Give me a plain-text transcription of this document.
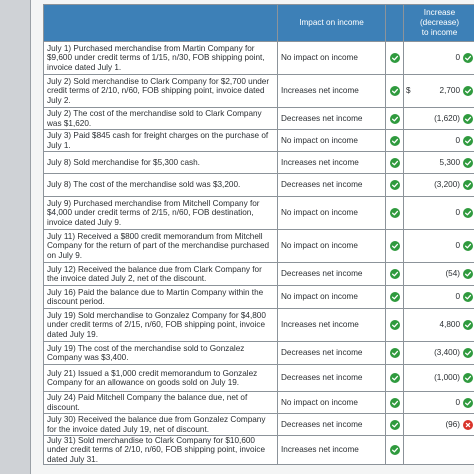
	Impact on income		Increase
(decrease)
to income	
July 1) Purchased merchandise from Martin Company for $9,600 under credit terms of 1/15, n/30, FOB shipping point, invoice dated July 1.	No impact on income			0

July 2) Sold merchandise to Clark Company for $2,700 under credit terms of 2/10, n/60, FOB shipping point, invoice dated July 2.	Increases net income		$	2,700

July 2) The cost of the merchandise sold to Clark Company was $1,620.	Decreases net income			(1,620)

July 3) Paid $845 cash for freight charges on the purchase of July 1.	No impact on income			0

July 8) Sold merchandise for $5,300 cash.	Increases net income			5,300

July 8) The cost of the merchandise sold was $3,200.	Decreases net income			(3,200)

July 9) Purchased merchandise from Mitchell Company for $4,000 under credit terms of 2/15, n/60, FOB destination, invoice dated July 9.	No impact on income			0

July 11) Received a $800 credit memorandum from Mitchell Company for the return of part of the merchandise purchased on July 9.	No impact on income			0

July 12) Received the balance due from Clark Company for the invoice dated July 2, net of the discount.	Decreases net income			(54)

July 16) Paid the balance due to Martin Company within the discount period.	No impact on income			0

July 19) Sold merchandise to Gonzalez Company for $4,800 under credit terms of 2/15, n/60, FOB shipping point, invoice dated July 19.	Increases net income			4,800

July 19) The cost of the merchandise sold to Gonzalez Company was $3,400.	Decreases net income			(3,400)

July 21) Issued a $1,000 credit memorandum to Gonzalez Company for an allowance on goods sold on July 19.	Decreases net income			(1,000)

July 24) Paid Mitchell Company the balance due, net of discount.	No impact on income			0

July 30) Received the balance due from Gonzalez Company for the invoice dated July 19, net of discount.	Decreases net income			(96)

July 31) Sold merchandise to Clark Company for $10,600 under credit terms of 2/10, n/60, FOB shipping point, invoice dated July 31.	Increases net income	
